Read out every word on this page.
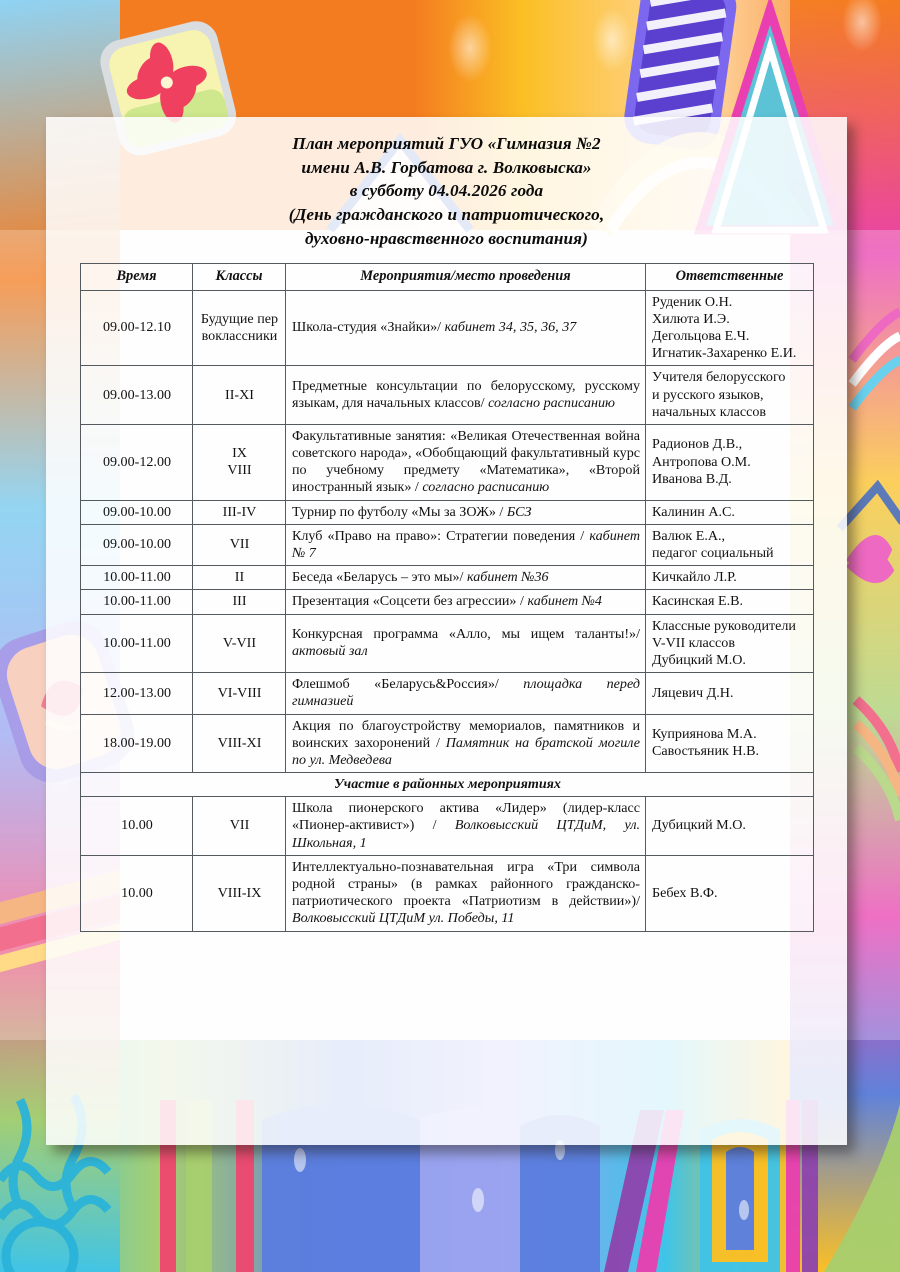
План мероприятий ГУО «Гимназия №2
имени А.В. Горбатова г. Волковыска»
в субботу 04.04.2026 года
(День гражданского и патриотического,
духовно-нравственного воспитания)
Время	Классы	Мероприятия/место проведения	Ответственные
09.00-12.10	Будущие первоклассники	Школа-студия «Знайки»/ кабинет 34, 35, 36, 37	Руденик О.Н.
Хилюта И.Э.
Дегольцова Е.Ч.
Игнатик-Захаренко Е.И.

09.00-13.00	II-XI	Предметные консультации по белорусскому, русскому языкам, для начальных классов/ согласно расписанию	Учителя белорусского
и русского языков,
начальных классов

09.00-12.00	IX
VIII	Факультативные занятия: «Великая Отечественная война советского народа», «Обобщающий факультативный курс по учебному предмету «Математика», «Второй иностранный язык» / согласно расписанию	Радионов Д.В.,
Антропова О.М.
Иванова В.Д.

09.00-10.00	III-IV	Турнир по футболу «Мы за ЗОЖ» / БСЗ	Калинин А.С.

09.00-10.00	VII	Клуб «Право на право»: Стратегии поведения / кабинет № 7	Валюк Е.А.,
педагог социальный

10.00-11.00	II	Беседа «Беларусь – это мы»/ кабинет №36	Кичкайло Л.Р.

10.00-11.00	III	Презентация «Соцсети без агрессии» / кабинет №4	Касинская Е.В.

10.00-11.00	V-VII	Конкурсная программа «Алло, мы ищем таланты!»/ актовый зал	Классные руководители
V-VII классов
Дубицкий М.О.

12.00-13.00	VI-VIII	Флешмоб «Беларусь&Россия»/ площадка перед гимназией	Ляцевич Д.Н.

18.00-19.00	VIII-XI	Акция по благоустройству мемориалов, памятников и воинских захоронений / Памятник на братской могиле по ул. Медведева	Куприянова М.А.
Савостьяник Н.В.

Участие в районных мероприятиях			
10.00	VII	Школа пионерского актива «Лидер» (лидер-класс «Пионер-активист») / Волковысский ЦТДиМ, ул. Школьная, 1	Дубицкий М.О.

10.00	VIII-IX	Интеллектуально-познавательная игра «Три символа родной страны» (в рамках районного гражданско-патриотического проекта «Патриотизм в действии»)/ Волковысский ЦТДиМ ул. Победы, 11	Бебех В.Ф.
